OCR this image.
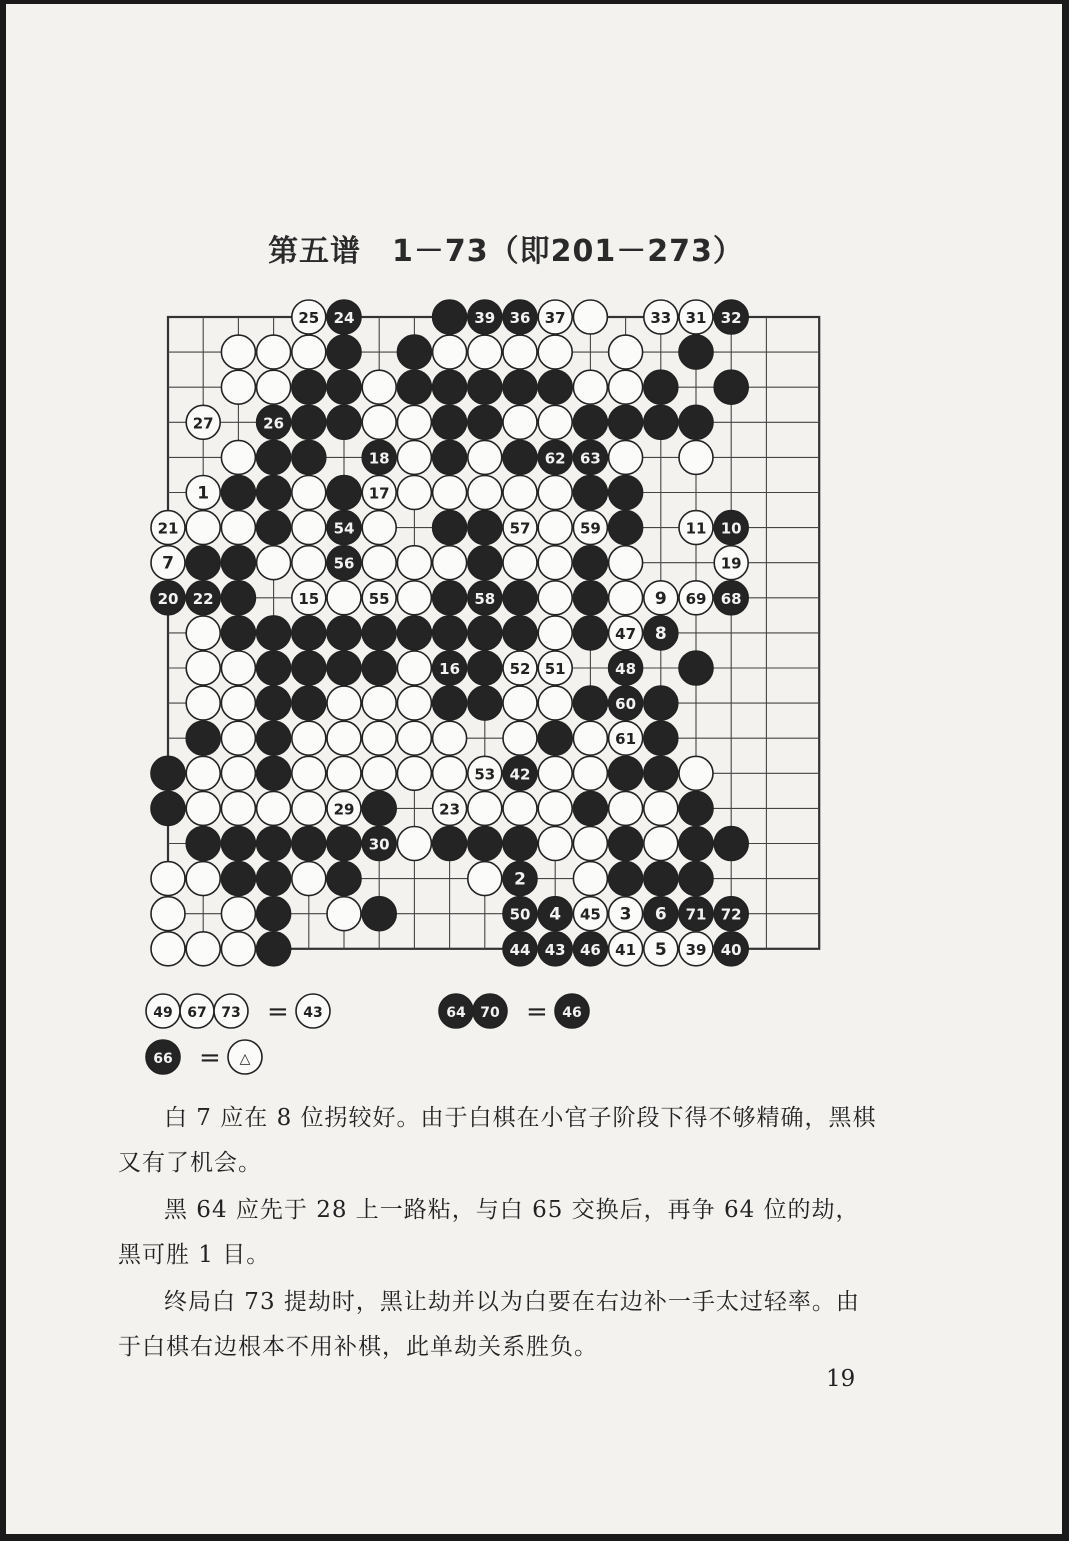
第五谱　1－73（即201－273）
25 24	39 36 37	33 31 32
27	26
18	62 63
1	17
21	54	57	59	11 10
7	56	19
20 22	15	55	58	9 69 68
47 8
16	52 51	48
60
61
53 42
29	23
30
2
50 4 45 3 6 71 72
44 43 46 41 5 39 40
49 67 73 = 43	64 70 = 46
66 = △

白 7 应在 8 位拐较好。由于白棋在小官子阶段下得不够精确，黑棋又有了机会。

黑 64 应先于 28 上一路粘，与白 65 交换后，再争 64 位的劫，黑可胜 1 目。

终局白 73 提劫时，黑让劫并以为白要在右边补一手太过轻率。由于白棋右边根本不用补棋，此单劫关系胜负。

19
